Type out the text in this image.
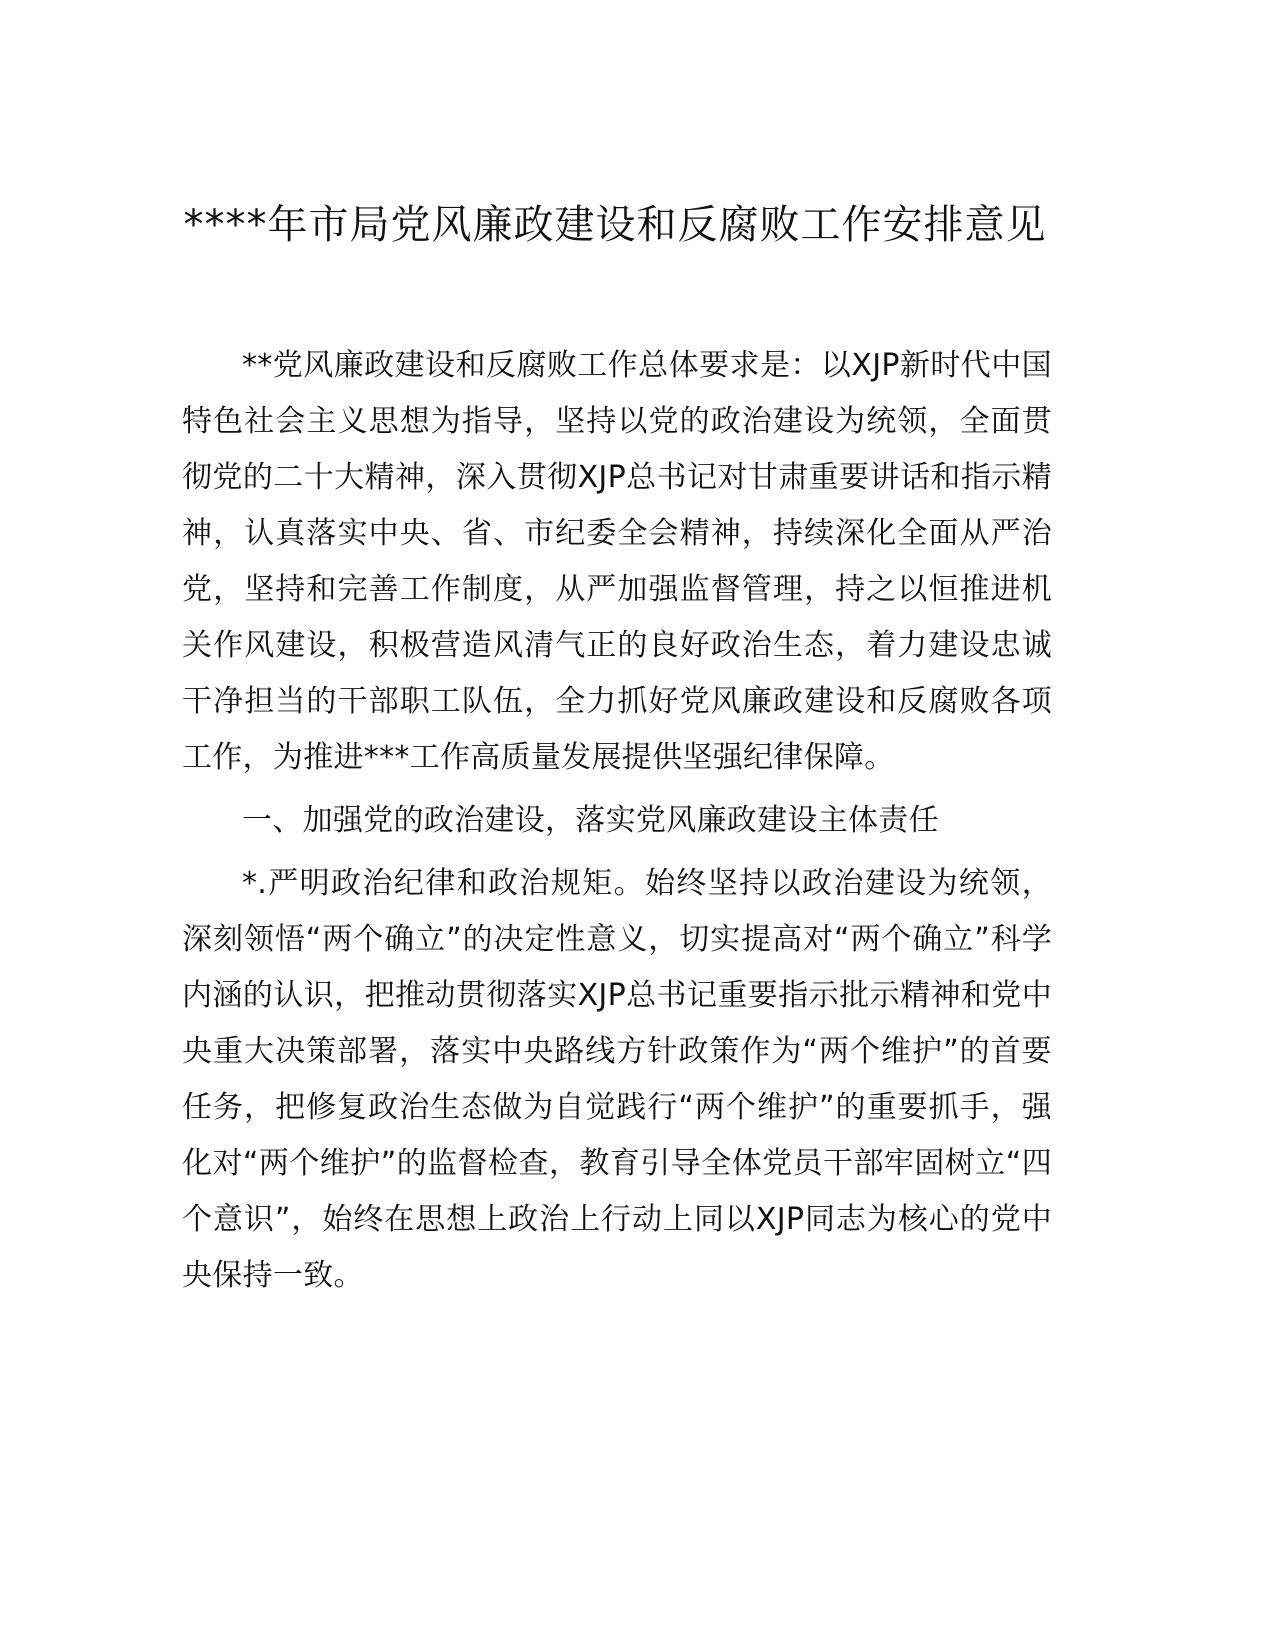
****年市局党风廉政建设和反腐败工作安排意见

**党风廉政建设和反腐败工作总体要求是：以XJP新时代中国特色社会主义思想为指导，坚持以党的政治建设为统领，全面贯彻党的二十大精神，深入贯彻XJP总书记对甘肃重要讲话和指示精神，认真落实中央、省、市纪委全会精神，持续深化全面从严治党，坚持和完善工作制度，从严加强监督管理，持之以恒推进机关作风建设，积极营造风清气正的良好政治生态，着力建设忠诚干净担当的干部职工队伍，全力抓好党风廉政建设和反腐败各项工作，为推进***工作高质量发展提供坚强纪律保障。

一、加强党的政治建设，落实党风廉政建设主体责任

*.严明政治纪律和政治规矩。始终坚持以政治建设为统领，深刻领悟“两个确立”的决定性意义，切实提高对“两个确立”科学内涵的认识，把推动贯彻落实XJP总书记重要指示批示精神和党中央重大决策部署，落实中央路线方针政策作为“两个维护”的首要任务，把修复政治生态做为自觉践行“两个维护”的重要抓手，强化对“两个维护”的监督检查，教育引导全体党员干部牢固树立“四个意识”，始终在思想上政治上行动上同以XJP同志为核心的党中央保持一致。
